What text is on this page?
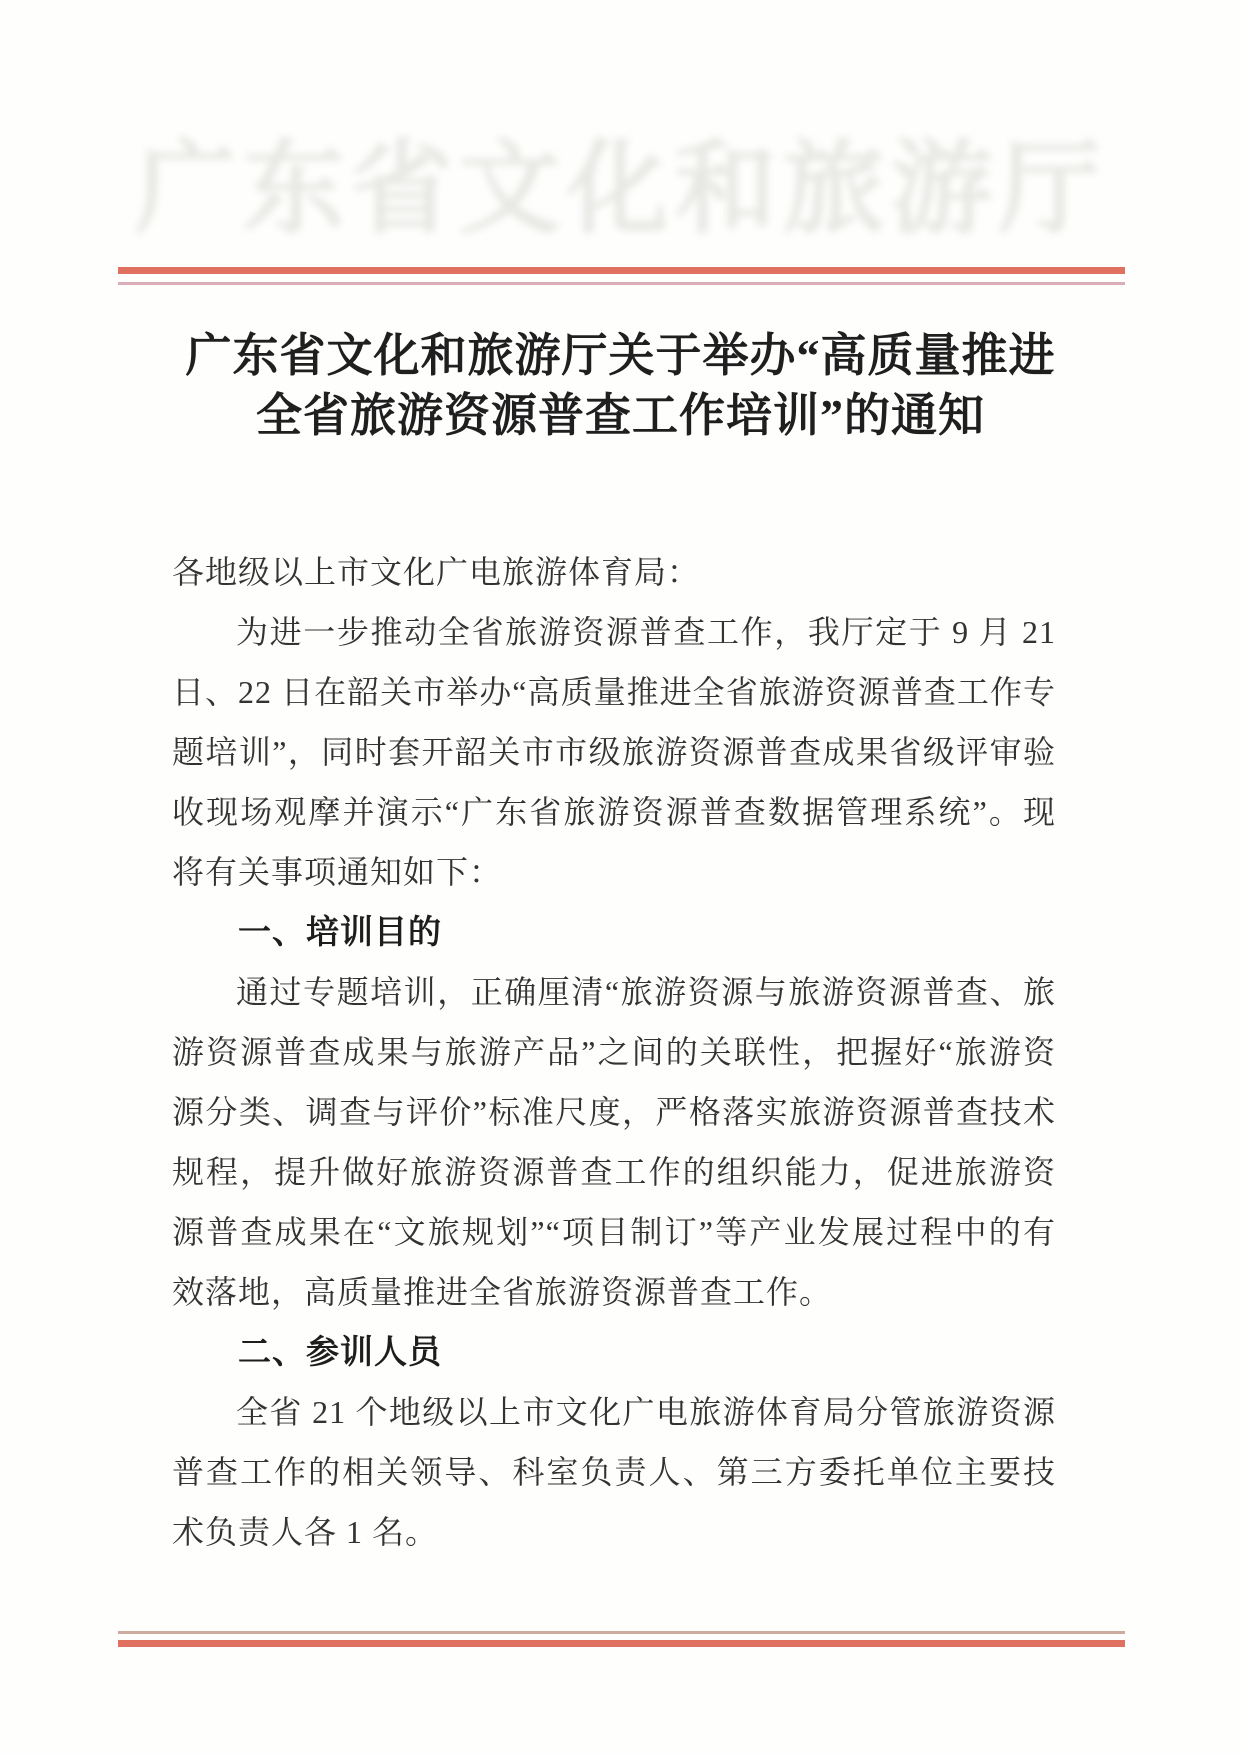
广东省文化和旅游厅
广东省文化和旅游厅关于举办“高质量推进
全省旅游资源普查工作培训”的通知

各地级以上市文化广电旅游体育局：

为进一步推动全省旅游资源普查工作，我厅定于 9 月 21 日、22 日在韶关市举办“高质量推进全省旅游资源普查工作专题培训”，同时套开韶关市市级旅游资源普查成果省级评审验收现场观摩并演示“广东省旅游资源普查数据管理系统”。现将有关事项通知如下：

一、培训目的

通过专题培训，正确厘清“旅游资源与旅游资源普查、旅游资源普查成果与旅游产品”之间的关联性，把握好“旅游资源分类、调查与评价”标准尺度，严格落实旅游资源普查技术规程，提升做好旅游资源普查工作的组织能力，促进旅游资源普查成果在“文旅规划”“项目制订”等产业发展过程中的有效落地，高质量推进全省旅游资源普查工作。

二、参训人员

全省 21 个地级以上市文化广电旅游体育局分管旅游资源普查工作的相关领导、科室负责人、第三方委托单位主要技术负责人各 1 名。
